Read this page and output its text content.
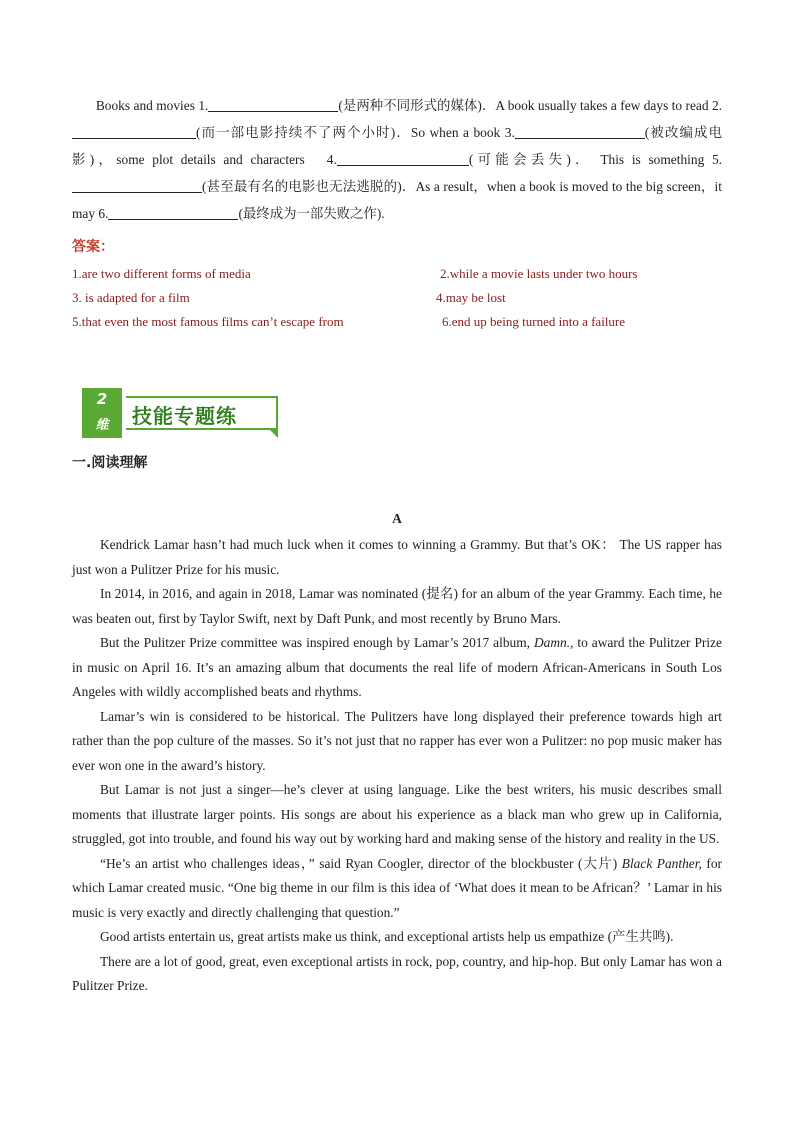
Books and movies 1.	(是两种不同形式的媒体)．A book usually takes a few days to read 2.(而一部电影持续不了两个小时)．So when a book 3.	(被改编成电影)，some plot details and characters　4.	(可能会丢失)． This is something 5.(甚至最有名的电影也无法逃脱的)．As a result，when a book is moved to the big screen，it may 6.	(最终成为一部失败之作).

答案：
1.are two different forms of media	2.while a movie lasts under two hours
3. is adapted for a film	4.may be lost
5.that even the most famous films can’t escape from	6.end up being turned into a failure
2
维	技能专题练
一.阅读理解
A

Kendrick Lamar hasn’t had much luck when it comes to winning a Grammy. But that’s OK： The US rapper has just won a Pulitzer Prize for his music.

In 2014, in 2016, and again in 2018, Lamar was nominated (提名) for an album of the year Grammy. Each time, he was beaten out, first by Taylor Swift, next by Daft Punk, and most recently by Bruno Mars.

But the Pulitzer Prize committee was inspired enough by Lamar’s 2017 album, Damn., to award the Pulitzer Prize in music on April 16. It’s an amazing album that documents the real life of modern African-Americans in South Los Angeles with wildly accomplished beats and rhythms.

Lamar’s win is considered to be historical. The Pulitzers have long displayed their preference towards high art rather than the pop culture of the masses. So it’s not just that no rapper has ever won a Pulitzer: no pop music maker has ever won one in the award’s history.

But Lamar is not just a singer—he’s clever at using language. Like the best writers, his music describes small moments that illustrate larger points. His songs are about his experience as a black man who grew up in California, struggled, got into trouble, and found his way out by working hard and making sense of the history and reality in the US.

“He’s an artist who challenges ideas，” said Ryan Coogler, director of the blockbuster (大片) Black Panther, for which Lamar created music. “One big theme in our film is this idea of ‘What does it mean to be African？’ Lamar in his music is very exactly and directly challenging that question.”

Good artists entertain us, great artists make us think, and exceptional artists help us empathize (产生共鸣).

There are a lot of good, great, even exceptional artists in rock, pop, country, and hip-hop. But only Lamar has won a Pulitzer Prize.
